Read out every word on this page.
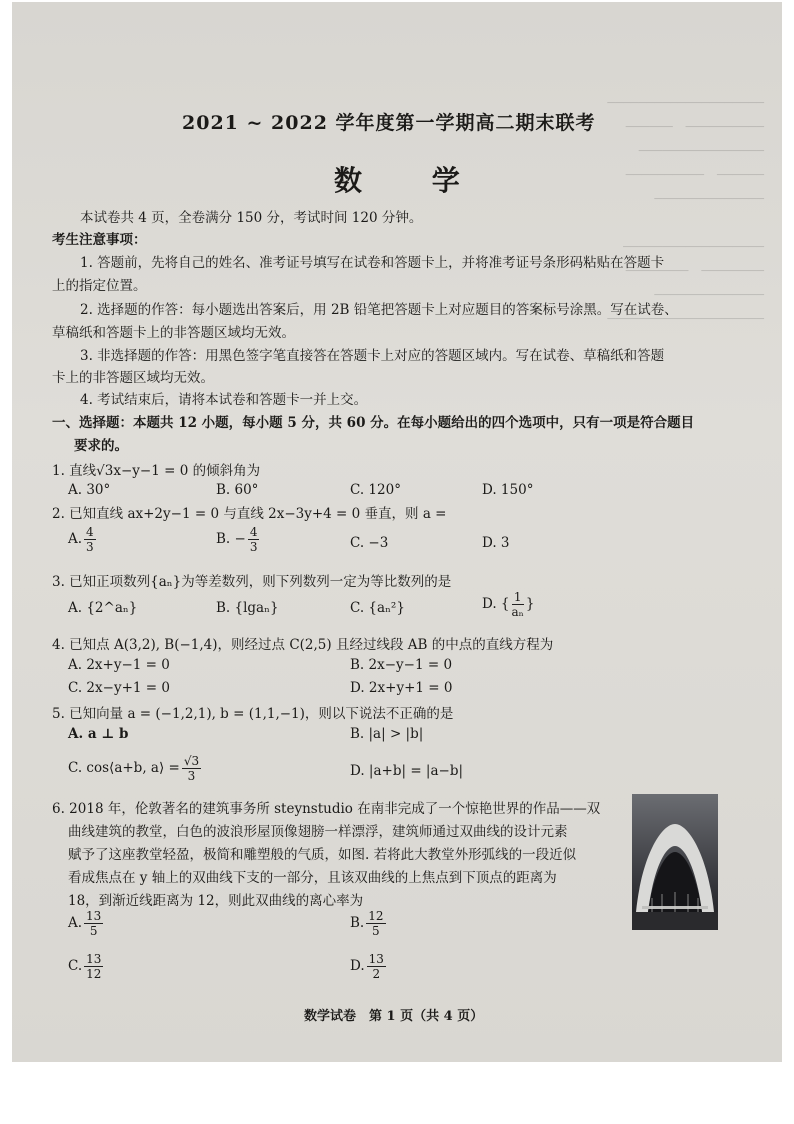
────────────────────
──────────　──────
────────────────
──────　──────────
──────────────

──────────────────
────────　────────
──────────────
────────────────────
2021 ~ 2022 学年度第一学期高二期末联考
数 学
本试卷共 4 页，全卷满分 150 分，考试时间 120 分钟。
考生注意事项：
1. 答题前，先将自己的姓名、准考证号填写在试卷和答题卡上，并将准考证号条形码粘贴在答题卡
上的指定位置。
2. 选择题的作答：每小题选出答案后，用 2B 铅笔把答题卡上对应题目的答案标号涂黑。写在试卷、
草稿纸和答题卡上的非答题区域均无效。
3. 非选择题的作答：用黑色签字笔直接答在答题卡上对应的答题区域内。写在试卷、草稿纸和答题
卡上的非答题区域均无效。
4. 考试结束后，请将本试卷和答题卡一并上交。
一、选择题：本题共 12 小题，每小题 5 分，共 60 分。在每小题给出的四个选项中，只有一项是符合题目
要求的。
1. 直线√3x−y−1 = 0 的倾斜角为
A. 30°	B. 60°	C. 120°	D. 150°
2. 已知直线 ax+2y−1 = 0 与直线 2x−3y+4 = 0 垂直，则 a =
A. $\frac{4}{3}$	B. − $\frac{4}{3}$	C. −3	D. 3
3. 已知正项数列{aₙ}为等差数列，则下列数列一定为等比数列的是
A. {2^aₙ}	B. {lgaₙ}	C. {aₙ²}	D. { $\frac{1}{\text{aₙ}}$ }
4. 已知点 A(3,2), B(−1,4)，则经过点 C(2,5) 且经过线段 AB 的中点的直线方程为
A. 2x+y−1 = 0	B. 2x−y−1 = 0
C. 2x−y+1 = 0	D. 2x+y+1 = 0
5. 已知向量 a = (−1,2,1), b = (1,1,−1)，则以下说法不正确的是
A. a ⊥ b	B. |a| > |b|
C. cos⟨a+b, a⟩ = $\frac{√3}{3}$	D. |a+b| = |a−b|
6. 2018 年，伦敦著名的建筑事务所 steynstudio 在南非完成了一个惊艳世界的作品——双
曲线建筑的教堂，白色的波浪形屋顶像翅膀一样漂浮，建筑师通过双曲线的设计元素
赋予了这座教堂轻盈，极简和雕塑般的气质，如图. 若将此大教堂外形弧线的一段近似
看成焦点在 y 轴上的双曲线下支的一部分，且该双曲线的上焦点到下顶点的距离为
18，到渐近线距离为 12，则此双曲线的离心率为
A. $\frac{13}{5}$	B. $\frac{12}{5}$
C. $\frac{13}{12}$	D. $\frac{13}{2}$
数学试卷　第 1 页（共 4 页）
